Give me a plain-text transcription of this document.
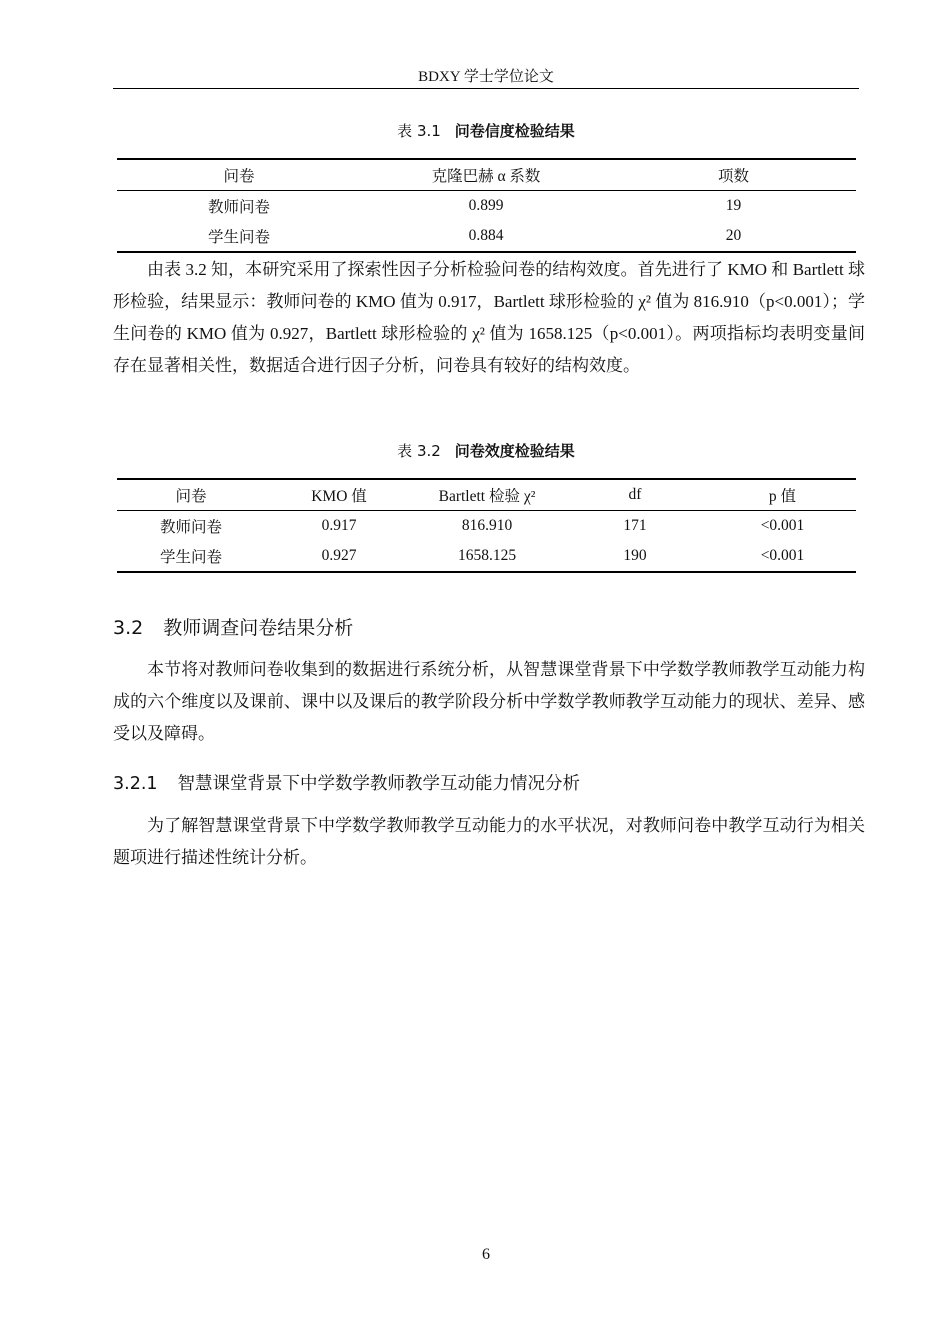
BDXY 学士学位论文
表 3.1 问卷信度检验结果
问卷	克隆巴赫 α 系数	项数
教师问卷	0.899	19
学生问卷	0.884	20

由表 3.2 知，本研究采用了探索性因子分析检验问卷的结构效度。首先进行了 KMO 和 Bartlett 球形检验，结果显示：教师问卷的 KMO 值为 0.917，Bartlett 球形检验的 χ² 值为 816.910（p<0.001）；学生问卷的 KMO 值为 0.927，Bartlett 球形检验的 χ² 值为 1658.125（p<0.001）。两项指标均表明变量间存在显著相关性，数据适合进行因子分析，问卷具有较好的结构效度。

表 3.2 问卷效度检验结果
问卷	KMO 值	Bartlett 检验 χ²	df	p 值
教师问卷	0.917	816.910	171	<0.001
学生问卷	0.927	1658.125	190	<0.001
3.2 教师调查问卷结果分析

本节将对教师问卷收集到的数据进行系统分析，从智慧课堂背景下中学数学教师教学互动能力构成的六个维度以及课前、课中以及课后的教学阶段分析中学数学教师教学互动能力的现状、差异、感受以及障碍。

3.2.1 智慧课堂背景下中学数学教师教学互动能力情况分析

为了解智慧课堂背景下中学数学教师教学互动能力的水平状况，对教师问卷中教学互动行为相关题项进行描述性统计分析。

6
